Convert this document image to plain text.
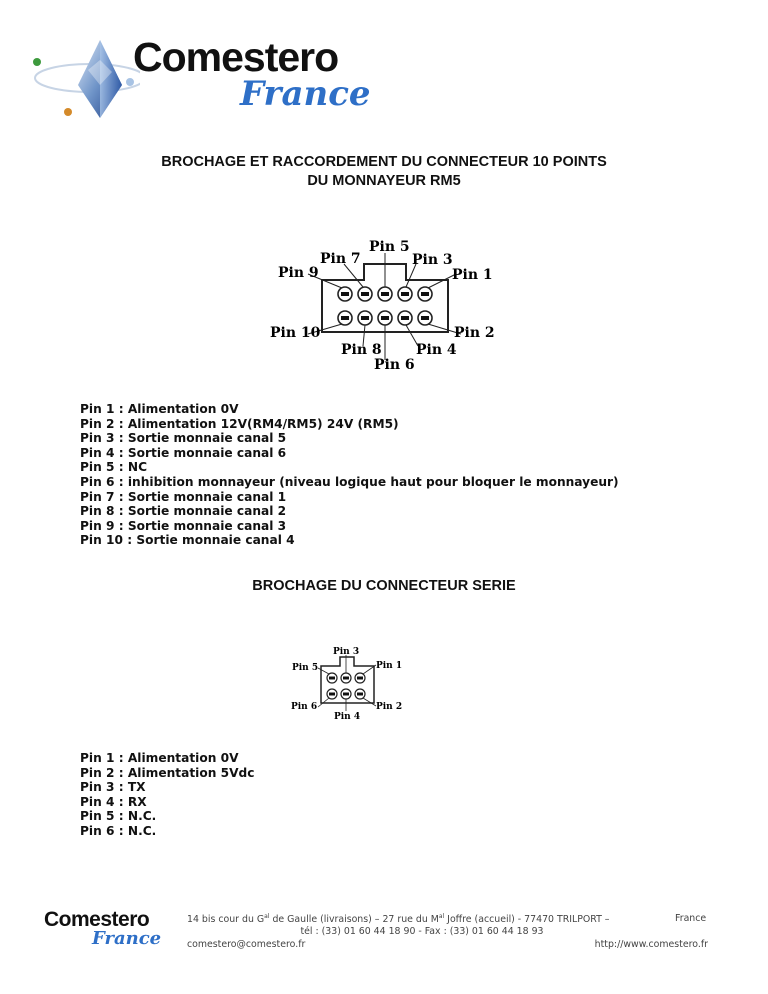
Comestero
France
BROCHAGE ET RACCORDEMENT DU CONNECTEUR 10 POINTS
DU MONNAYEUR RM5
Pin 5
Pin 7	Pin 3
Pin 9	Pin 1
Pin 10	Pin 2
Pin 8 Pin 4
Pin 6
Pin 1 : Alimentation 0V
Pin 2 : Alimentation 12V(RM4/RM5) 24V (RM5)
Pin 3 : Sortie monnaie canal 5
Pin 4 : Sortie monnaie canal 6
Pin 5 : NC
Pin 6 : inhibition monnayeur (niveau logique haut pour bloquer le monnayeur)
Pin 7 : Sortie monnaie canal 1
Pin 8 : Sortie monnaie canal 2
Pin 9 : Sortie monnaie canal 3
Pin 10 : Sortie monnaie canal 4
BROCHAGE DU CONNECTEUR SERIE
Pin 3
Pin 5	Pin 1
Pin 6	Pin 2
Pin 4
Pin 1 : Alimentation 0V
Pin 2 : Alimentation 5Vdc
Pin 3 : TX
Pin 4 : RX
Pin 5 : N.C.
Pin 6 : N.C.
Comestero
France
14 bis cour du $G^{al}$ de Gaulle (livraisons) – 27 rue du $M^{al}$ Joffre (accueil) - 77470 TRILPORT –	France
tél : (33) 01 60 44 18 90 - Fax : (33) 01 60 44 18 93
comestero@comestero.fr	http://www.comestero.fr
